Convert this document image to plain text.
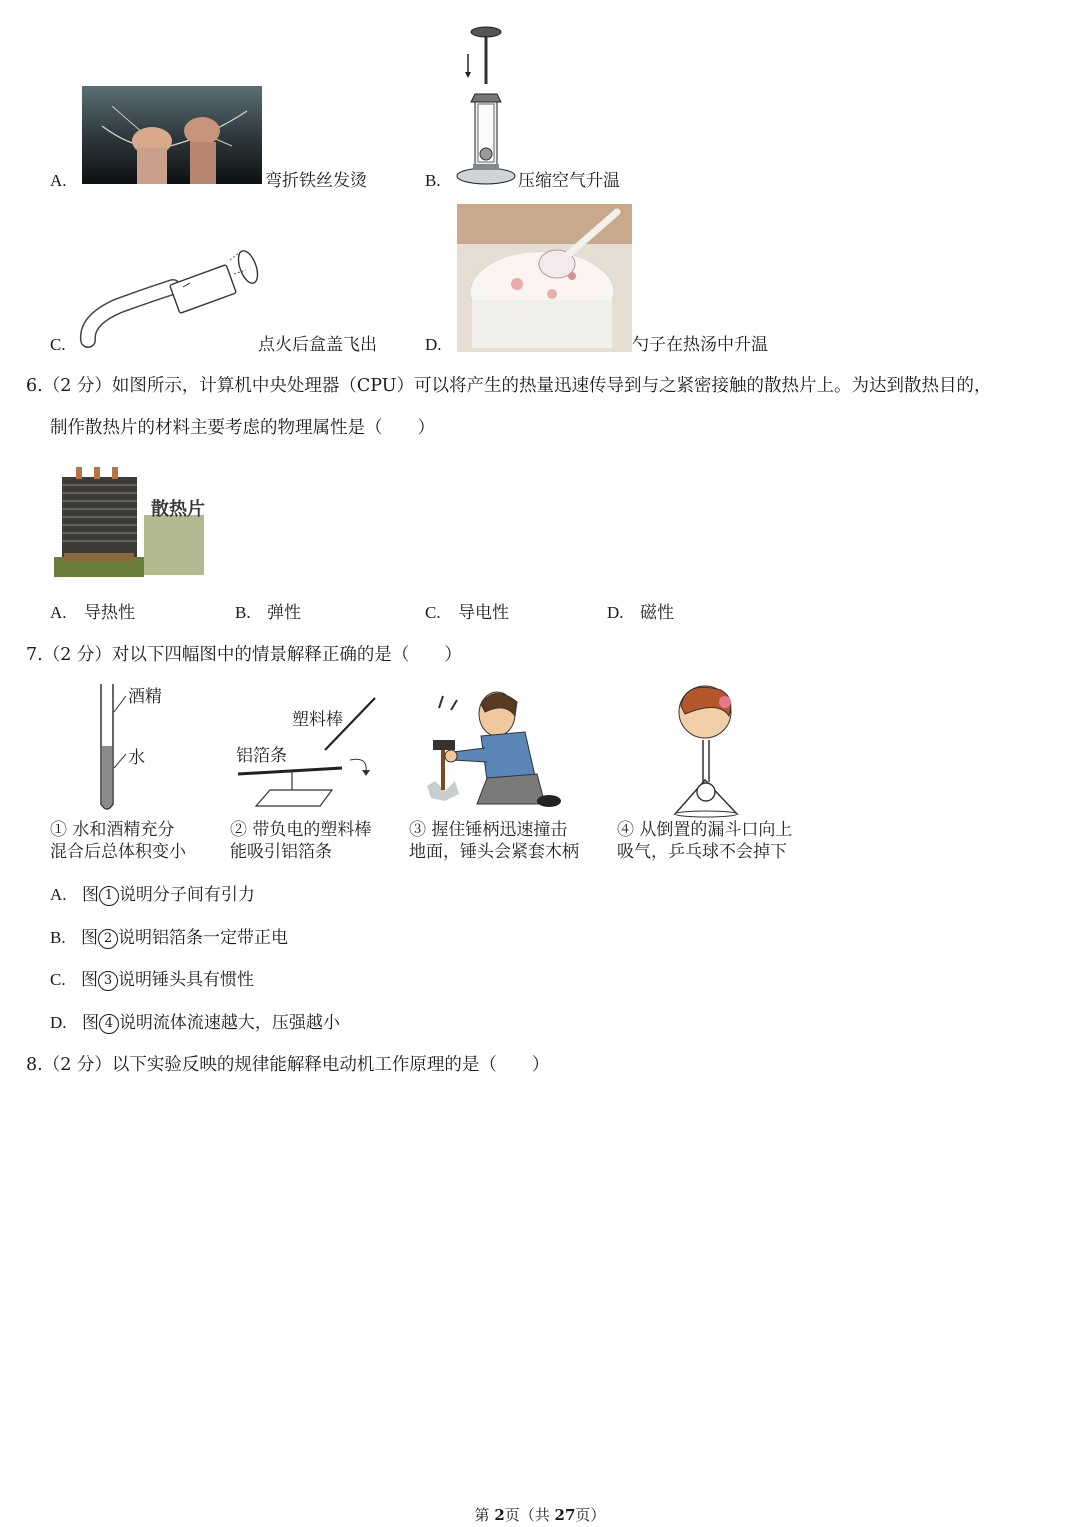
A.	弯折铁丝发烫	B.	压缩空气升温
C.	点火后盒盖飞出	D.	勺子在热汤中升温
6.（2 分）如图所示，计算机中央处理器（CPU）可以将产生的热量迅速传导到与之紧密接触的散热片上。为达到散热目的，
制作散热片的材料主要考虑的物理属性是（　　）
散热片
A. 导热性	B. 弹性	C. 导电性	D. 磁性
7.（2 分）对以下四幅图中的情景解释正确的是（　　）
酒精
水
① 水和酒精充分
混合后总体积变小
塑料棒
铝箔条
② 带负电的塑料棒
能吸引铝箔条
③ 握住锤柄迅速撞击
地面，锤头会紧套木柄
④ 从倒置的漏斗口向上
吸气，乒乓球不会掉下
A. 图 1 说明分子间有引力
B. 图 2 说明铝箔条一定带正电
C. 图 3 说明锤头具有惯性
D. 图 4 说明流体流速越大，压强越小
8.（2 分）以下实验反映的规律能解释电动机工作原理的是（　　）
第 2页（共 27页）
